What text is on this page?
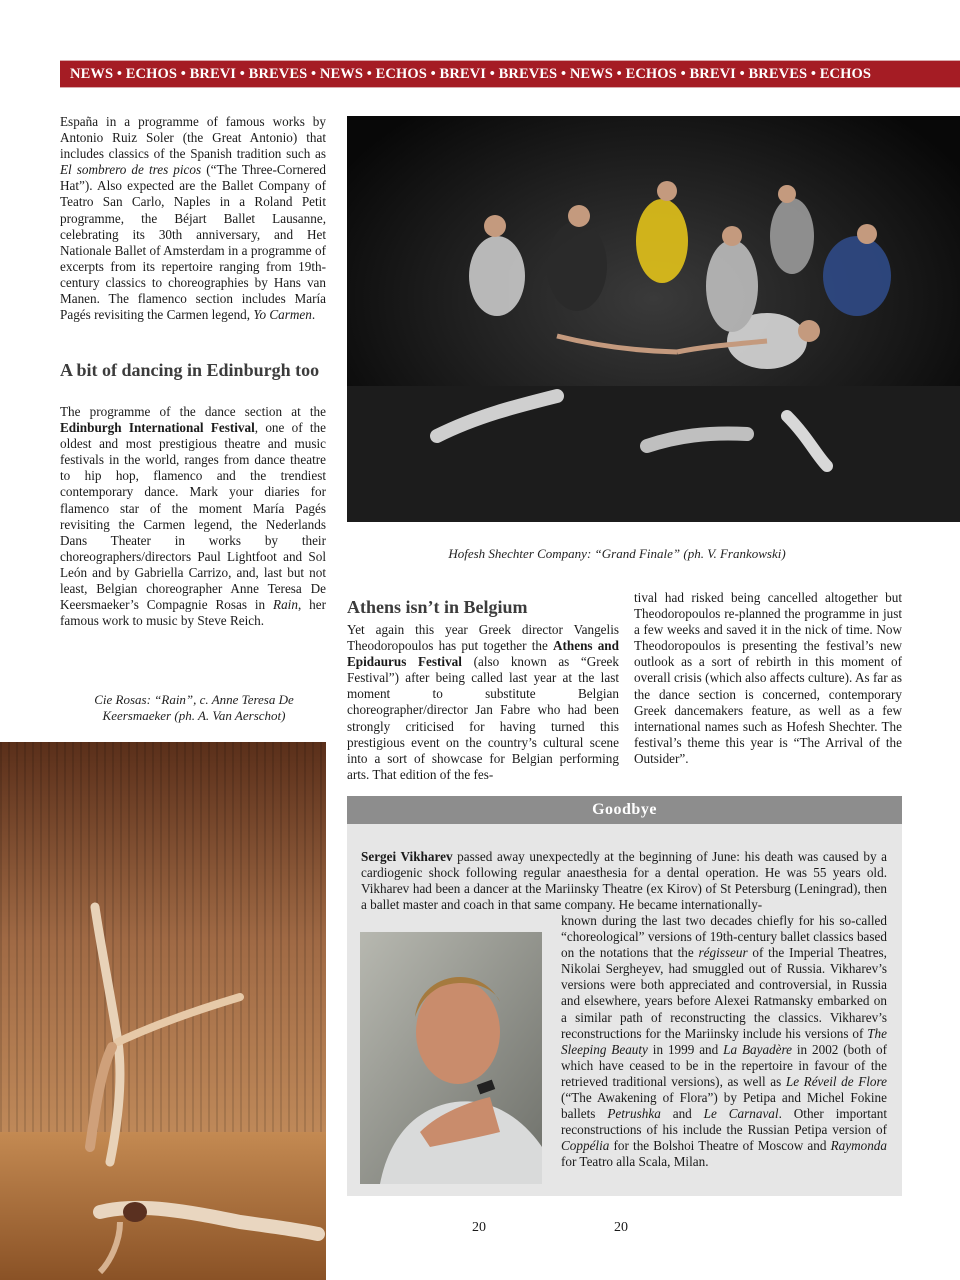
NEWS • ECHOS • BREVI • BREVES • NEWS • ECHOS • BREVI • BREVES • NEWS • ECHOS • BREVI • BREVES • ECHOS

España in a programme of famous works by Antonio Ruiz Soler (the Great Antonio) that includes classics of the Spanish tradition such as El sombrero de tres picos (“The Three-Cornered Hat”). Also expected are the Ballet Company of Teatro San Carlo, Naples in a Roland Petit programme, the Béjart Ballet Lausanne, celebrating its 30th anniversary, and Het Nationale Ballet of Amsterdam in a programme of excerpts from its repertoire ranging from 19th-century classics to choreographies by Hans van Manen. The flamenco section includes María Pagés revisiting the Carmen legend, Yo Carmen.

A bit of dancing in Edinburgh too

The programme of the dance section at the Edinburgh International Festival, one of the oldest and most prestigious theatre and music festivals in the world, ranges from dance theatre to hip hop, flamenco and the trendiest contemporary dance. Mark your diaries for flamenco star of the moment María Pagés revisiting the Carmen legend, the Nederlands Dans Theater in works by their choreographers/directors Paul Lightfoot and Sol León and by Gabriella Carrizo, and, last but not least, Belgian choreographer Anne Teresa De Keersmaeker’s Compagnie Rosas in Rain, her famous work to music by Steve Reich.

Cie Rosas: “Rain”, c. Anne Teresa De Keersmaeker (ph. A. Van Aerschot)
Hofesh Shechter Company: “Grand Finale” (ph. V. Frankowski)
Athens isn’t in Belgium

Yet again this year Greek director Vangelis Theodoropoulos has put together the Athens and Epidaurus Festival (also known as “Greek Festival”) after being called last year at the last moment to substitute Belgian choreographer/director Jan Fabre who had been strongly criticised for having turned this prestigious event on the country’s cultural scene into a sort of showcase for Belgian performing arts. That edition of the fes-

tival had risked being cancelled altogether but Theodoropoulos re-planned the programme in just a few weeks and saved it in the nick of time. Now Theodoropoulos is presenting the festival’s new outlook as a sort of rebirth in this moment of overall crisis (which also affects culture). As far as the dance section is concerned, contemporary Greek dancemakers feature, as well as a few international names such as Hofesh Shechter. The festival’s theme this year is “The Arrival of the Outsider”.

Goodbye

Sergei Vikharev passed away unexpectedly at the beginning of June: his death was caused by a cardiogenic shock following regular anaesthesia for a dental operation. He was 55 years old. Vikharev had been a dancer at the Mariinsky Theatre (ex Kirov) of St Petersburg (Leningrad), then a ballet master and coach in that same company. He became internationally-

known during the last two decades chiefly for his so-called “choreological” versions of 19th-century ballet classics based on the notations that the régisseur of the Imperial Theatres, Nikolai Sergheyev, had smuggled out of Russia. Vikharev’s versions were both appreciated and controversial, in Russia and elsewhere, years before Alexei Ratmansky embarked on a similar path of reconstructing the classics. Vikharev’s reconstructions for the Mariinsky include his versions of The Sleeping Beauty in 1999 and La Bayadère in 2002 (both of which have ceased to be in the repertoire in favour of the retrieved traditional versions), as well as Le Réveil de Flore (“The Awakening of Flora”) by Petipa and Michel Fokine ballets Petrushka and Le Carnaval. Other important reconstructions of his include the Russian Petipa version of Coppélia for the Bolshoi Theatre of Moscow and Raymonda for Teatro alla Scala, Milan.

20	20
